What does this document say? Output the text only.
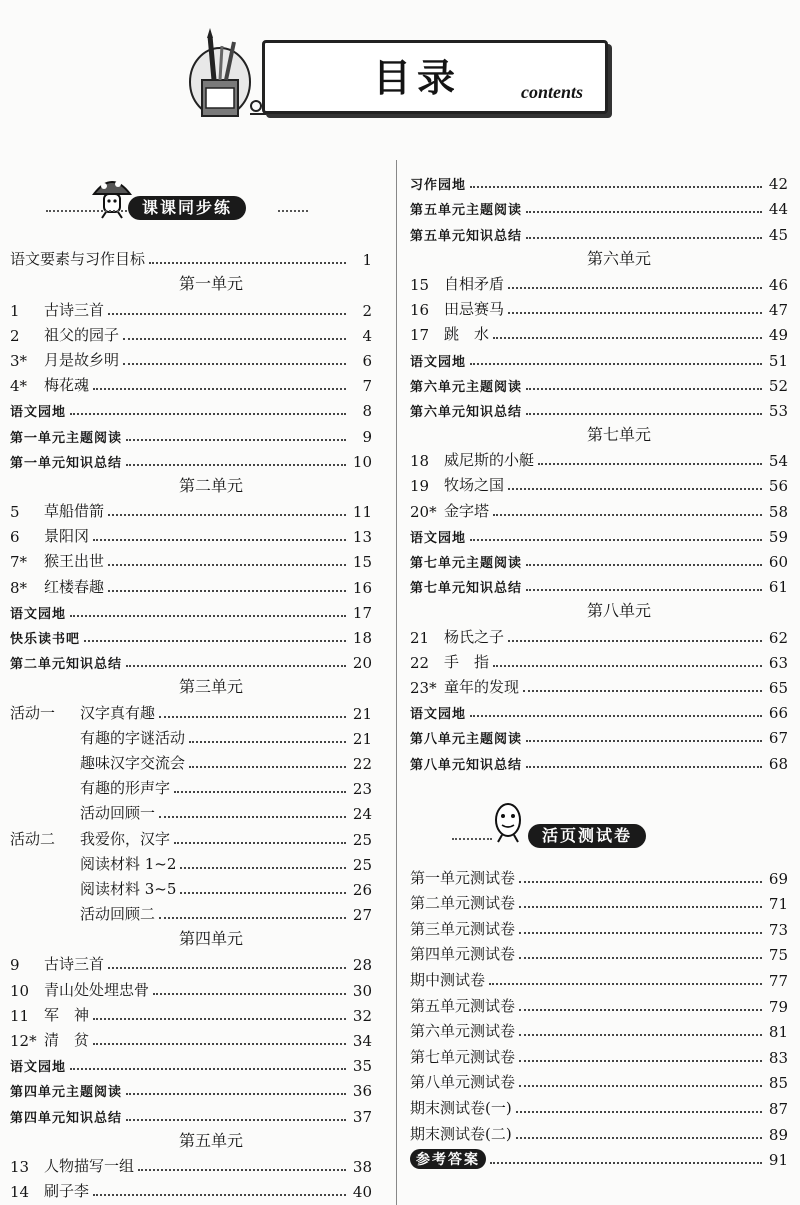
目录	contents
课课同步练
活页测试卷
语文要素与习作目标	1
第一单元
1	古诗三首	2
2	祖父的园子	4
3*	月是故乡明	6
4*	梅花魂	7
语文园地	8
第一单元主题阅读	9
第一单元知识总结	10
第二单元
5	草船借箭	11
6	景阳冈	13
7*	猴王出世	15
8*	红楼春趣	16
语文园地	17
快乐读书吧	18
第二单元知识总结	20
第三单元
活动一	汉字真有趣	21
有趣的字谜活动	21
趣味汉字交流会	22
有趣的形声字	23
活动回顾一	24
活动二	我爱你，汉字	25
阅读材料 1~2	25
阅读材料 3~5	26
活动回顾二	27
第四单元
9	古诗三首	28
10 青山处处埋忠骨	30
11 军　神	32
12* 清　贫	34
语文园地	35
第四单元主题阅读	36
第四单元知识总结	37
第五单元
13 人物描写一组	38
14 刷子李	40
习作园地	42
第五单元主题阅读	44
第五单元知识总结	45
第六单元
15 自相矛盾	46
16 田忌赛马	47
17 跳　水	49
语文园地	51
第六单元主题阅读	52
第六单元知识总结	53
第七单元
18 威尼斯的小艇	54
19 牧场之国	56
20* 金字塔	58
语文园地	59
第七单元主题阅读	60
第七单元知识总结	61
第八单元
21 杨氏之子	62
22 手　指	63
23* 童年的发现	65
语文园地	66
第八单元主题阅读	67
第八单元知识总结	68
第一单元测试卷	69
第二单元测试卷	71
第三单元测试卷	73
第四单元测试卷	75
期中测试卷	77
第五单元测试卷	79
第六单元测试卷	81
第七单元测试卷	83
第八单元测试卷	85
期末测试卷(一)	87
期末测试卷(二)	89
参考答案	91
